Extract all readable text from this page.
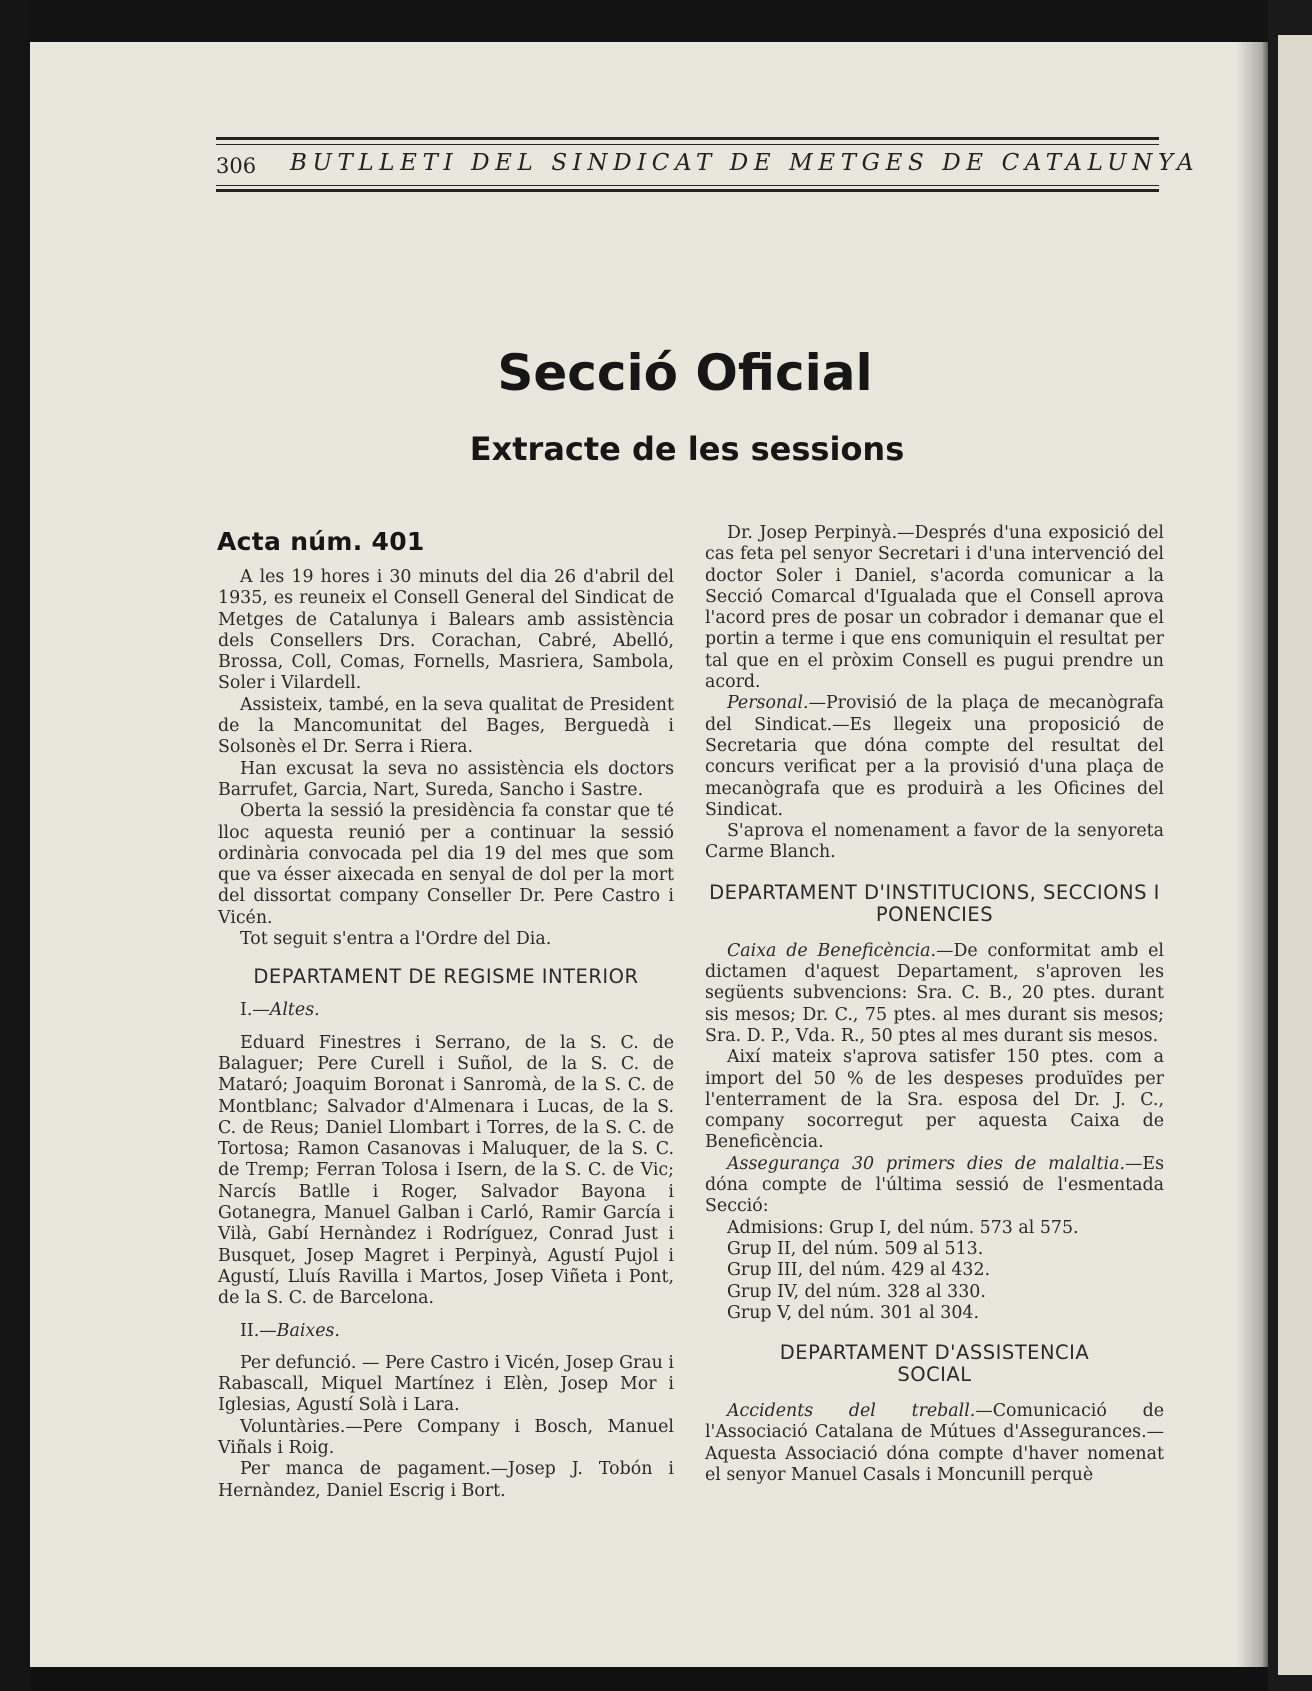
306 BUTLLETI DEL SINDICAT DE METGES DE CATALUNYA
Secció Oficial
Extracte de les sessions
Acta núm. 401

A les 19 hores i 30 minuts del dia 26 d'abril del 1935, es reuneix el Consell General del Sindicat de Metges de Catalunya i Balears amb assistència dels Consellers Drs. Corachan, Cabré, Abelló, Brossa, Coll, Comas, Fornells, Masriera, Sambola, Soler i Vilardell.

Assisteix, també, en la seva qualitat de President de la Mancomunitat del Bages, Berguedà i Solsonès el Dr. Serra i Riera.

Han excusat la seva no assistència els doctors Barrufet, Garcia, Nart, Sureda, Sancho i Sastre.

Oberta la sessió la presidència fa constar que té lloc aquesta reunió per a continuar la sessió ordinària convocada pel dia 19 del mes que som que va ésser aixecada en senyal de dol per la mort del dissortat company Conseller Dr. Pere Castro i Vicén.

Tot seguit s'entra a l'Ordre del Dia.

DEPARTAMENT DE REGISME INTERIOR

I.—Altes.

Eduard Finestres i Serrano, de la S. C. de Balaguer; Pere Curell i Suñol, de la S. C. de Mataró; Joaquim Boronat i Sanromà, de la S. C. de Montblanc; Salvador d'Almenara i Lucas, de la S. C. de Reus; Daniel Llombart i Torres, de la S. C. de Tortosa; Ramon Casanovas i Maluquer, de la S. C. de Tremp; Ferran Tolosa i Isern, de la S. C. de Vic; Narcís Batlle i Roger, Salvador Bayona i Gotanegra, Manuel Galban i Carló, Ramir García i Vilà, Gabí Hernàndez i Rodríguez, Conrad Just i Busquet, Josep Magret i Perpinyà, Agustí Pujol i Agustí, Lluís Ravilla i Martos, Josep Viñeta i Pont, de la S. C. de Barcelona.

II.—Baixes.

Per defunció. — Pere Castro i Vicén, Josep Grau i Rabascall, Miquel Martínez i Elèn, Josep Mor i Iglesias, Agustí Solà i Lara.

Voluntàries.—Pere Company i Bosch, Manuel Viñals i Roig.

Per manca de pagament.—Josep J. Tobón i Hernàndez, Daniel Escrig i Bort.

Dr. Josep Perpinyà.—Després d'una exposició del cas feta pel senyor Secretari i d'una intervenció del doctor Soler i Daniel, s'acorda comunicar a la Secció Comarcal d'Igualada que el Consell aprova l'acord pres de posar un cobrador i demanar que el portin a terme i que ens comuniquin el resultat per tal que en el pròxim Consell es pugui prendre un acord.

Personal.—Provisió de la plaça de mecanògrafa del Sindicat.—Es llegeix una proposició de Secretaria que dóna compte del resultat del concurs verificat per a la provisió d'una plaça de mecanògrafa que es produirà a les Oficines del Sindicat.

S'aprova el nomenament a favor de la senyoreta Carme Blanch.

DEPARTAMENT D'INSTITUCIONS, SECCIONS I PONENCIES

Caixa de Beneficència.—De conformitat amb el dictamen d'aquest Departament, s'aproven les següents subvencions: Sra. C. B., 20 ptes. durant sis mesos; Dr. C., 75 ptes. al mes durant sis mesos; Sra. D. P., Vda. R., 50 ptes al mes durant sis mesos.

Així mateix s'aprova satisfer 150 ptes. com a import del 50 % de les despeses produïdes per l'enterrament de la Sra. esposa del Dr. J. C., company socorregut per aquesta Caixa de Beneficència.

Assegurança 30 primers dies de malaltia.—Es dóna compte de l'última sessió de l'esmentada Secció:

Admisions: Grup I, del núm. 573 al 575.

Grup II, del núm. 509 al 513.

Grup III, del núm. 429 al 432.

Grup IV, del núm. 328 al 330.

Grup V, del núm. 301 al 304.

DEPARTAMENT D'ASSISTENCIA SOCIAL

Accidents del treball.—Comunicació de l'Associació Catalana de Mútues d'Assegurances.—Aquesta Associació dóna compte d'haver nomenat el senyor Manuel Casals i Moncunill perquè
